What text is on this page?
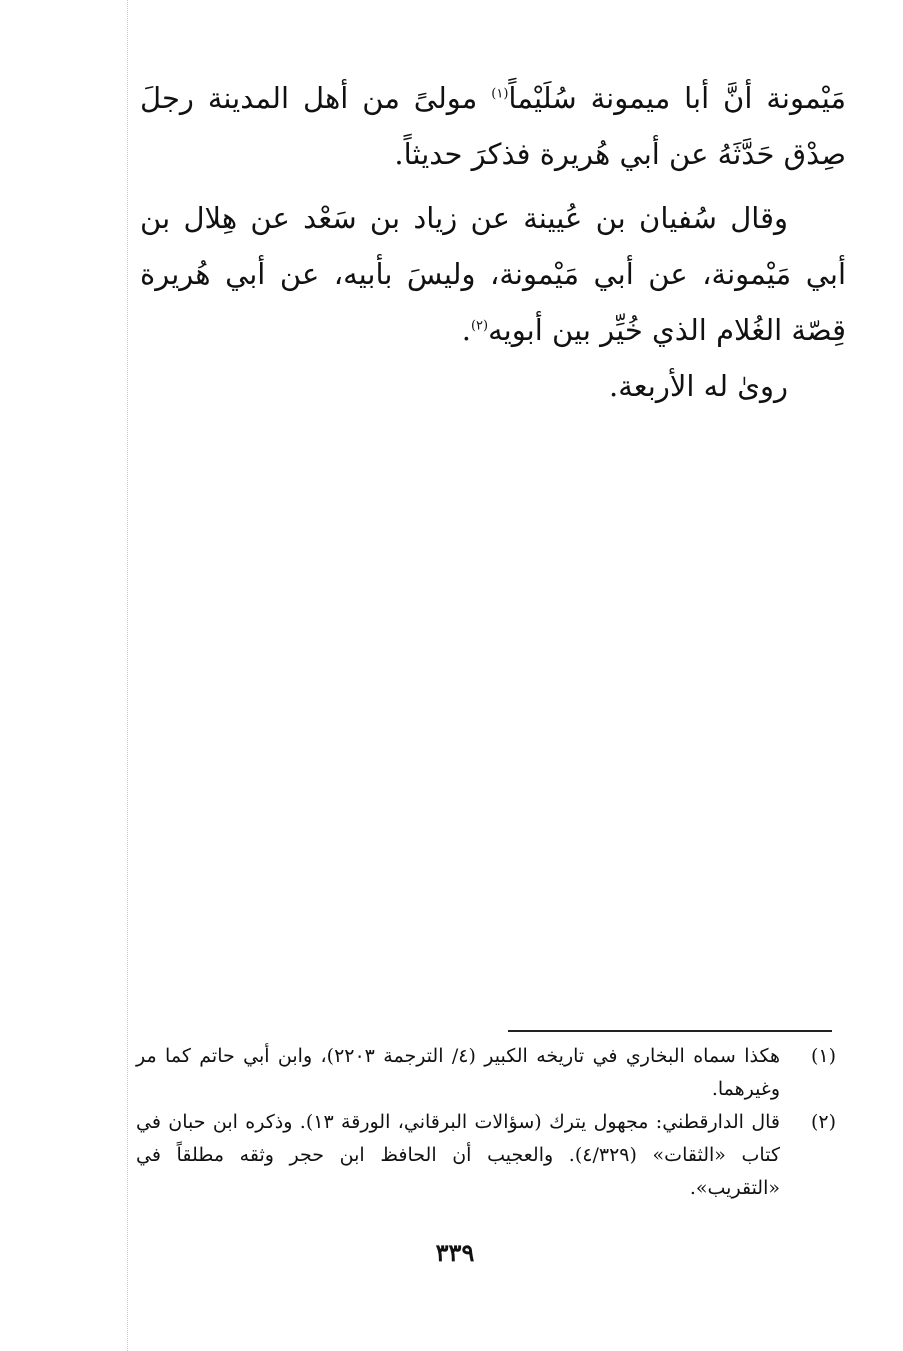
مَيْمونة أنَّ أبا ميمونة سُلَيْماً$^{(١)}$ مولىً من أهل المدينة رجلَ صِدْق حَدَّثَهُ عن أبي هُريرة فذكرَ حديثاً.

وقال سُفيان بن عُيينة عن زياد بن سَعْد عن هِلال بن أبي مَيْمونة، عن أبي مَيْمونة، وليسَ بأبيه، عن أبي هُريرة قِصّة الغُلام الذي خُيِّر بين أبويه$^{(٢)}$.

روىٰ له الأربعة.

(١)
هكذا سماه البخاري في تاريخه الكبير (٤/ الترجمة ٢٢٠٣)، وابن أبي حاتم كما مر وغيرهما.
(٢)
قال الدارقطني: مجهول يترك (سؤالات البرقاني، الورقة ١٣). وذكره ابن حبان في كتاب «الثقات» (٤/٣٢٩). والعجيب أن الحافظ ابن حجر وثقه مطلقاً في «التقريب».
٣٣٩
